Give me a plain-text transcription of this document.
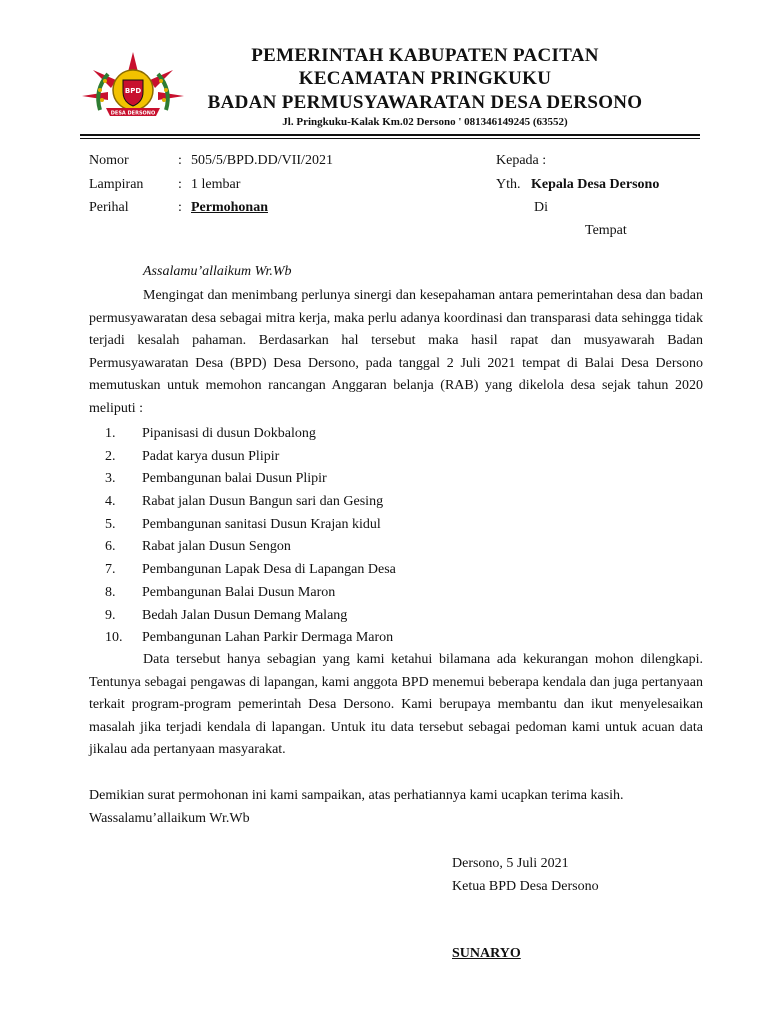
BPD
DESA DERSONO
PEMERINTAH KABUPATEN PACITAN
KECAMATAN PRINGKUKU
BADAN PERMUSYAWARATAN DESA DERSONO
Jl. Pringkuku-Kalak Km.02 Dersono ' 081346149245 (63552)
Nomor	: 505/5/BPD.DD/VII/2021
Lampiran : 1 lembar
Perihal	: Permohonan
Kepada :
Yth. Kepala Desa Dersono
Di
Tempat
Assalamu’allaikum Wr.Wb

Mengingat dan menimbang perlunya sinergi dan kesepahaman antara pemerintahan desa dan badan permusyawaratan desa sebagai mitra kerja, maka perlu adanya koordinasi dan transparasi data sehingga tidak terjadi kesalah pahaman. Berdasarkan hal tersebut maka hasil rapat dan musyawarah Badan Permusyawaratan Desa (BPD) Desa Dersono, pada tanggal 2 Juli 2021 tempat di Balai Desa Dersono memutuskan untuk memohon rancangan Anggaran belanja (RAB) yang dikelola desa sejak tahun 2020 meliputi :

1. Pipanisasi di dusun Dokbalong
2. Padat karya dusun Plipir
3. Pembangunan balai Dusun Plipir
4. Rabat jalan Dusun Bangun sari dan Gesing
5. Pembangunan sanitasi Dusun Krajan kidul
6. Rabat jalan Dusun Sengon
7. Pembangunan Lapak Desa di Lapangan Desa
8. Pembangunan Balai Dusun Maron
9. Bedah Jalan Dusun Demang Malang
10. Pembangunan Lahan Parkir Dermaga Maron

Data tersebut hanya sebagian yang kami ketahui bilamana ada kekurangan mohon dilengkapi. Tentunya sebagai pengawas di lapangan, kami anggota BPD menemui beberapa kendala dan juga pertanyaan terkait program-program pemerintah Desa Dersono. Kami berupaya membantu dan ikut menyelesaikan masalah jika terjadi kendala di lapangan. Untuk itu data tersebut sebagai pedoman kami untuk acuan data jikalau ada pertanyaan masyarakat.

Demikian surat permohonan ini kami sampaikan, atas perhatiannya kami ucapkan terima kasih.
Wassalamu’allaikum Wr.Wb
Dersono, 5 Juli 2021
Ketua BPD Desa Dersono
SUNARYO
